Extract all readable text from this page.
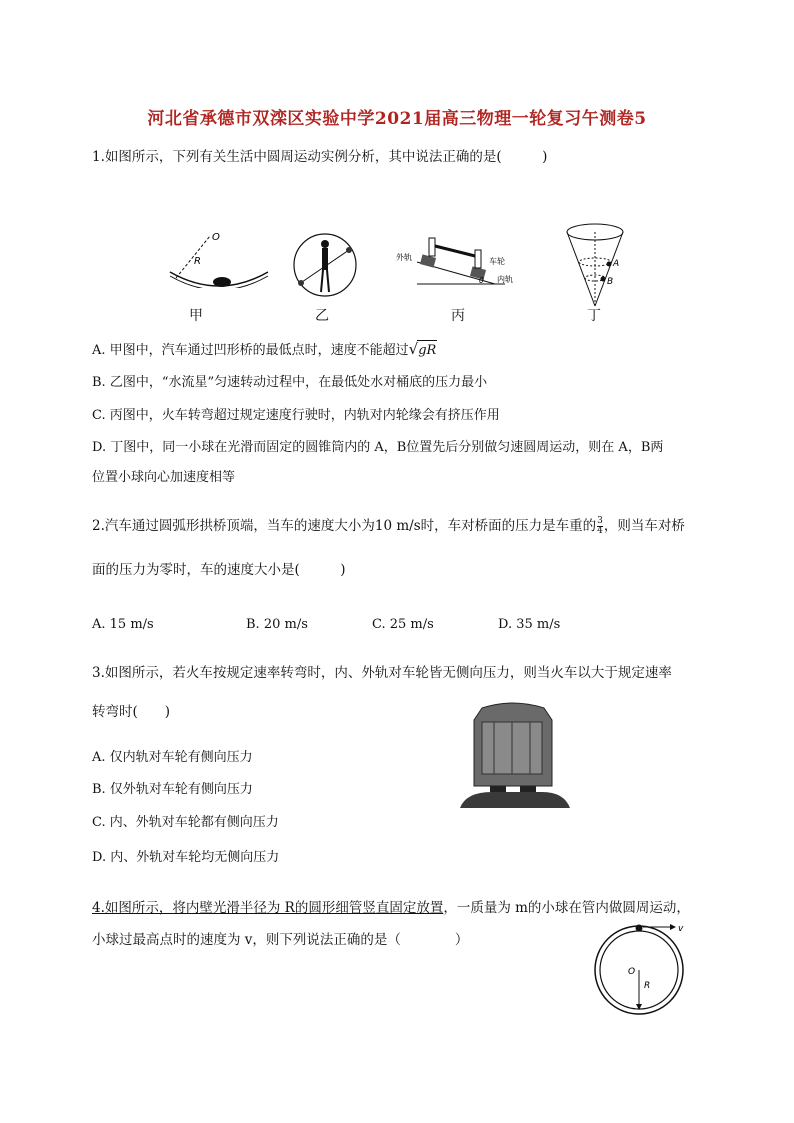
河北省承德市双滦区实验中学2021届高三物理一轮复习午测卷5
1.如图所示，下列有关生活中圆周运动实例分析，其中说法正确的是(　　　)
O
R
甲	乙
外轨	车轮
内轨
θ
丙
A
B
丁
A. 甲图中，汽车通过凹形桥的最低点时，速度不能超过√gR
B. 乙图中，“水流星”匀速转动过程中，在最低处水对桶底的压力最小
C. 丙图中，火车转弯超过规定速度行驶时，内轨对内轮缘会有挤压作用
D. 丁图中，同一小球在光滑而固定的圆锥筒内的 A，B位置先后分别做匀速圆周运动，则在 A，B两
位置小球向心加速度相等
2.汽车通过圆弧形拱桥顶端，当车的速度大小为10 m/s时，车对桥面的压力是车重的 $\frac{3}{4}$ ，则当车对桥
面的压力为零时，车的速度大小是(　　　)
A. 15 m/s	B. 20 m/s	C. 25 m/s	D. 35 m/s
3.如图所示，若火车按规定速率转弯时，内、外轨对车轮皆无侧向压力，则当火车以大于规定速率
转弯时(　　)
A. 仅内轨对车轮有侧向压力
B. 仅外轨对车轮有侧向压力
C. 内、外轨对车轮都有侧向压力
D. 内、外轨对车轮均无侧向压力
4.如图所示，将内壁光滑半径为 R的圆形细管竖直固定放置，一质量为 m的小球在管内做圆周运动，
小球过最高点时的速度为 v，则下列说法正确的是（　　　　）
v
O
R
